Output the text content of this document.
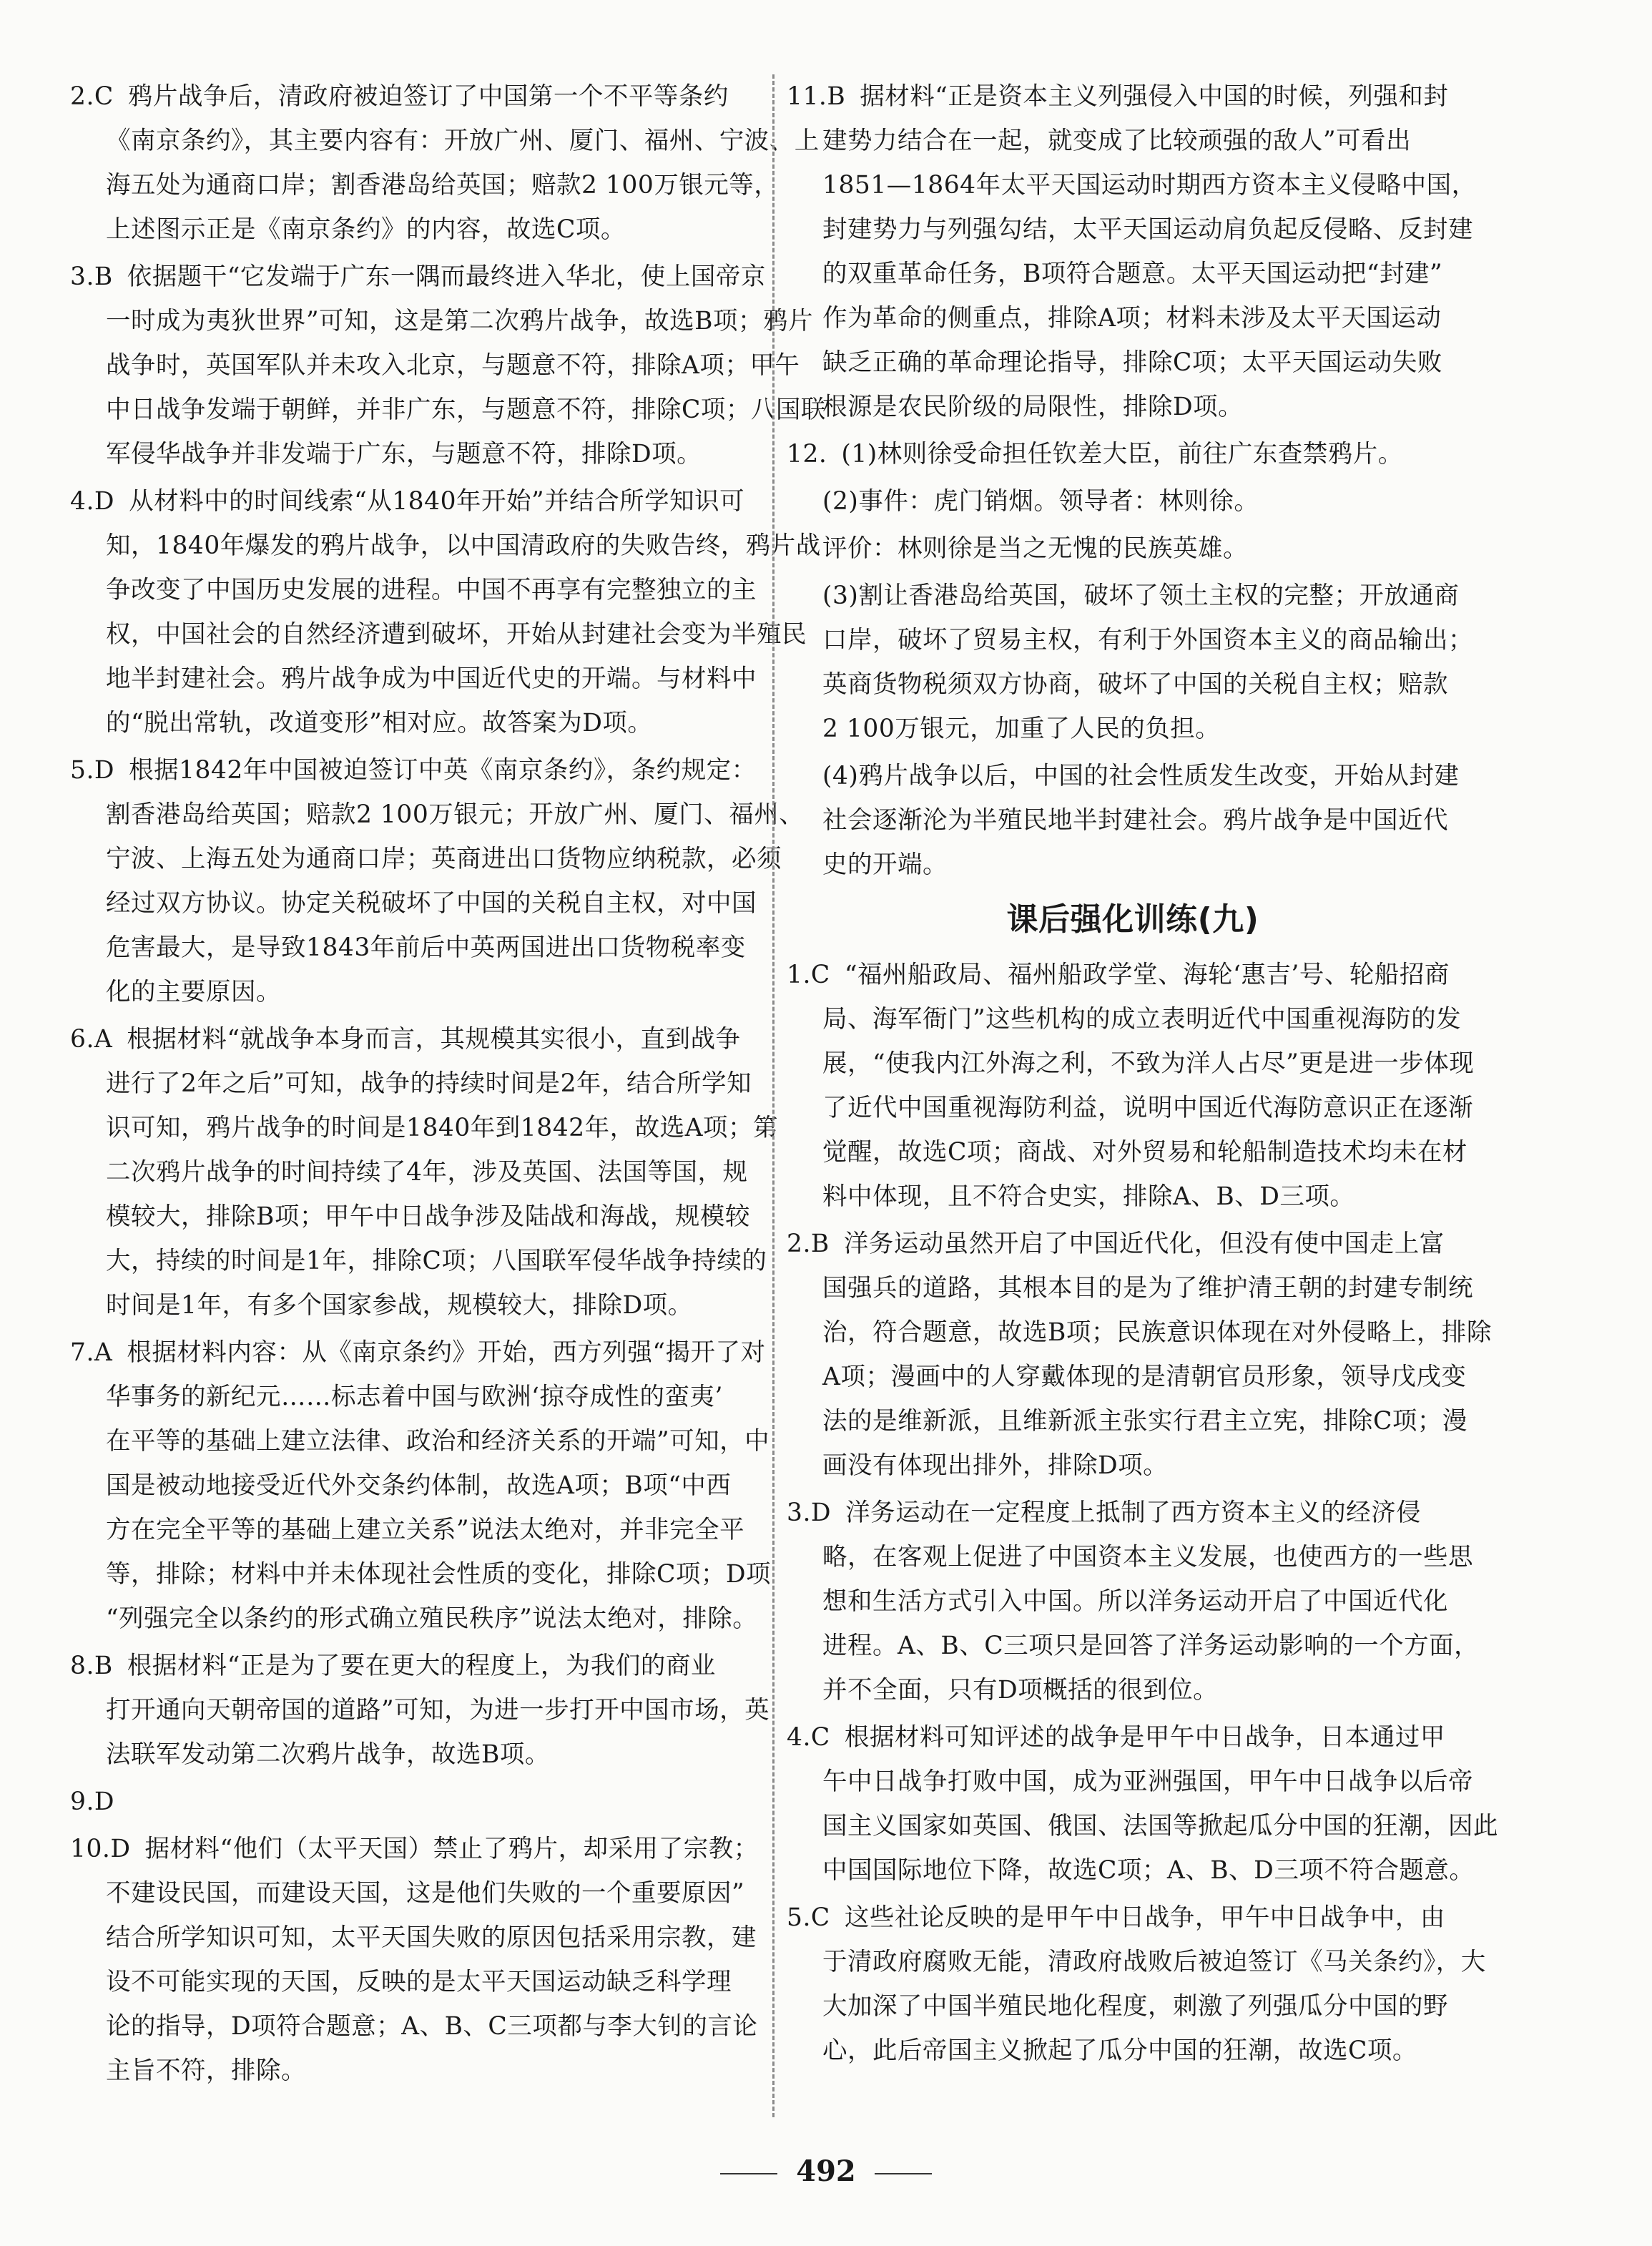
2.C 鸦片战争后，清政府被迫签订了中国第一个不平等条约
《南京条约》，其主要内容有：开放广州、厦门、福州、宁波、上
海五处为通商口岸；割香港岛给英国；赔款2 100万银元等，
上述图示正是《南京条约》的内容，故选C项。
3.B 依据题干“它发端于广东一隅而最终进入华北，使上国帝京
一时成为夷狄世界”可知，这是第二次鸦片战争，故选B项；鸦片
战争时，英国军队并未攻入北京，与题意不符，排除A项；甲午
中日战争发端于朝鲜，并非广东，与题意不符，排除C项；八国联
军侵华战争并非发端于广东，与题意不符，排除D项。
4.D 从材料中的时间线索“从1840年开始”并结合所学知识可
知，1840年爆发的鸦片战争，以中国清政府的失败告终，鸦片战
争改变了中国历史发展的进程。中国不再享有完整独立的主
权，中国社会的自然经济遭到破坏，开始从封建社会变为半殖民
地半封建社会。鸦片战争成为中国近代史的开端。与材料中
的“脱出常轨，改道变形”相对应。故答案为D项。
5.D 根据1842年中国被迫签订中英《南京条约》，条约规定：
割香港岛给英国；赔款2 100万银元；开放广州、厦门、福州、
宁波、上海五处为通商口岸；英商进出口货物应纳税款，必须
经过双方协议。协定关税破坏了中国的关税自主权，对中国
危害最大，是导致1843年前后中英两国进出口货物税率变
化的主要原因。
6.A 根据材料“就战争本身而言，其规模其实很小，直到战争
进行了2年之后”可知，战争的持续时间是2年，结合所学知
识可知，鸦片战争的时间是1840年到1842年，故选A项；第
二次鸦片战争的时间持续了4年，涉及英国、法国等国，规
模较大，排除B项；甲午中日战争涉及陆战和海战，规模较
大，持续的时间是1年，排除C项；八国联军侵华战争持续的
时间是1年，有多个国家参战，规模较大，排除D项。
7.A 根据材料内容：从《南京条约》开始，西方列强“揭开了对
华事务的新纪元……标志着中国与欧洲‘掠夺成性的蛮夷’
在平等的基础上建立法律、政治和经济关系的开端”可知，中
国是被动地接受近代外交条约体制，故选A项；B项“中西
方在完全平等的基础上建立关系”说法太绝对，并非完全平
等，排除；材料中并未体现社会性质的变化，排除C项；D项
“列强完全以条约的形式确立殖民秩序”说法太绝对，排除。
8.B 根据材料“正是为了要在更大的程度上，为我们的商业
打开通向天朝帝国的道路”可知，为进一步打开中国市场，英
法联军发动第二次鸦片战争，故选B项。
9.D
10.D 据材料“他们（太平天国）禁止了鸦片，却采用了宗教；
不建设民国，而建设天国，这是他们失败的一个重要原因”
结合所学知识可知，太平天国失败的原因包括采用宗教，建
设不可能实现的天国，反映的是太平天国运动缺乏科学理
论的指导，D项符合题意；A、B、C三项都与李大钊的言论
主旨不符，排除。
11.B 据材料“正是资本主义列强侵入中国的时候，列强和封
建势力结合在一起，就变成了比较顽强的敌人”可看出
1851—1864年太平天国运动时期西方资本主义侵略中国，
封建势力与列强勾结，太平天国运动肩负起反侵略、反封建
的双重革命任务，B项符合题意。太平天国运动把“封建”
作为革命的侧重点，排除A项；材料未涉及太平天国运动
缺乏正确的革命理论指导，排除C项；太平天国运动失败
根源是农民阶级的局限性，排除D项。
12. (1)林则徐受命担任钦差大臣，前往广东查禁鸦片。
(2)事件：虎门销烟。领导者：林则徐。
评价：林则徐是当之无愧的民族英雄。
(3)割让香港岛给英国，破坏了领土主权的完整；开放通商
口岸，破坏了贸易主权，有利于外国资本主义的商品输出；
英商货物税须双方协商，破坏了中国的关税自主权；赔款
2 100万银元，加重了人民的负担。
(4)鸦片战争以后，中国的社会性质发生改变，开始从封建
社会逐渐沦为半殖民地半封建社会。鸦片战争是中国近代
史的开端。
课后强化训练(九)
1.C “福州船政局、福州船政学堂、海轮‘惠吉’号、轮船招商
局、海军衙门”这些机构的成立表明近代中国重视海防的发
展，“使我内江外海之利，不致为洋人占尽”更是进一步体现
了近代中国重视海防利益，说明中国近代海防意识正在逐渐
觉醒，故选C项；商战、对外贸易和轮船制造技术均未在材
料中体现，且不符合史实，排除A、B、D三项。
2.B 洋务运动虽然开启了中国近代化，但没有使中国走上富
国强兵的道路，其根本目的是为了维护清王朝的封建专制统
治，符合题意，故选B项；民族意识体现在对外侵略上，排除
A项；漫画中的人穿戴体现的是清朝官员形象，领导戊戌变
法的是维新派，且维新派主张实行君主立宪，排除C项；漫
画没有体现出排外，排除D项。
3.D 洋务运动在一定程度上抵制了西方资本主义的经济侵
略，在客观上促进了中国资本主义发展，也使西方的一些思
想和生活方式引入中国。所以洋务运动开启了中国近代化
进程。A、B、C三项只是回答了洋务运动影响的一个方面，
并不全面，只有D项概括的很到位。
4.C 根据材料可知评述的战争是甲午中日战争，日本通过甲
午中日战争打败中国，成为亚洲强国，甲午中日战争以后帝
国主义国家如英国、俄国、法国等掀起瓜分中国的狂潮，因此
中国国际地位下降，故选C项；A、B、D三项不符合题意。
5.C 这些社论反映的是甲午中日战争，甲午中日战争中，由
于清政府腐败无能，清政府战败后被迫签订《马关条约》，大
大加深了中国半殖民地化程度，刺激了列强瓜分中国的野
心，此后帝国主义掀起了瓜分中国的狂潮，故选C项。
492
